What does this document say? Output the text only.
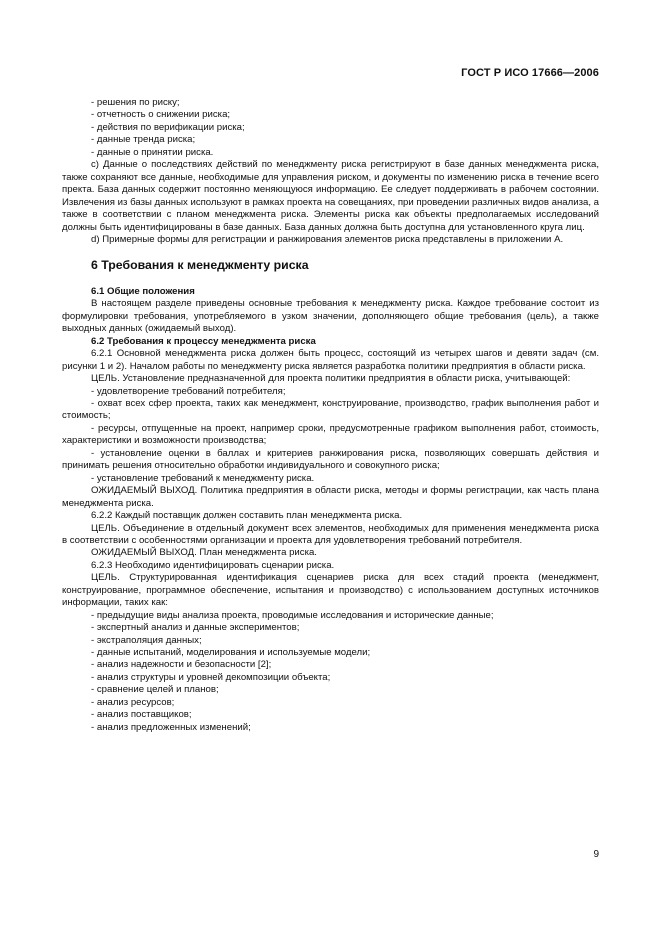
ГОСТ Р ИСО 17666—2006

- решения по риску;

- отчетность о снижении риска;

- действия по верификации риска;

- данные тренда риска;

- данные о принятии риска.

с) Данные о последствиях действий по менеджменту риска регистрируют в базе данных менеджмента риска, также сохраняют все данные, необходимые для управления риском, и документы по изменению риска в течение всего пректа. База данных содержит постоянно меняющуюся информацию. Ее следует поддерживать в рабочем состоянии. Извлечения из базы данных используют в рамках проекта на совещаниях, при проведении различных видов анализа, а также в соответствии с планом менеджмента риска. Элементы риска как объекты предполагаемых исследований должны быть идентифицированы в базе данных. База данных должна быть доступна для установленного круга лиц.

d) Примерные формы для регистрации и ранжирования элементов риска представлены в приложении А.

6 Требования к менеджменту риска

6.1 Общие положения

В настоящем разделе приведены основные требования к менеджменту риска. Каждое требование состоит из формулировки требования, употребляемого в узком значении, дополняющего общие требования (цель), а также выходных данных (ожидаемый выход).

6.2 Требования к процессу менеджмента риска

6.2.1 Основной менеджмента риска должен быть процесс, состоящий из четырех шагов и девяти задач (см. рисунки 1 и 2). Началом работы по менеджменту риска является разработка политики предприятия в области риска.

ЦЕЛЬ. Установление предназначенной для проекта политики предприятия в области риска, учитывающей:

- удовлетворение требований потребителя;

- охват всех сфер проекта, таких как менеджмент, конструирование, производство, график выполнения работ и стоимость;

- ресурсы, отпущенные на проект, например сроки, предусмотренные графиком выполнения работ, стоимость, характеристики и возможности производства;

- установление оценки в баллах и критериев ранжирования риска, позволяющих совершать действия и принимать решения относительно обработки индивидуального и совокупного риска;

- установление требований к менеджменту риска.

ОЖИДАЕМЫЙ ВЫХОД. Политика предприятия в области риска, методы и формы регистрации, как часть плана менеджмента риска.

6.2.2 Каждый поставщик должен составить план менеджмента риска.

ЦЕЛЬ. Объединение в отдельный документ всех элементов, необходимых для применения менеджмента риска в соответствии с особенностями организации и проекта для удовлетворения требований потребителя.

ОЖИДАЕМЫЙ ВЫХОД. План менеджмента риска.

6.2.3 Необходимо идентифицировать сценарии риска.

ЦЕЛЬ. Структурированная идентификация сценариев риска для всех стадий проекта (менеджмент, конструирование, программное обеспечение, испытания и производство) с использованием доступных источников информации, таких как:

- предыдущие виды анализа проекта, проводимые исследования и исторические данные;

- экспертный анализ и данные экспериментов;

- экстраполяция данных;

- данные испытаний, моделирования и используемые модели;

- анализ надежности и безопасности [2];

- анализ структуры и уровней декомпозиции объекта;

- сравнение целей и планов;

- анализ ресурсов;

- анализ поставщиков;

- анализ предложенных изменений;

9
